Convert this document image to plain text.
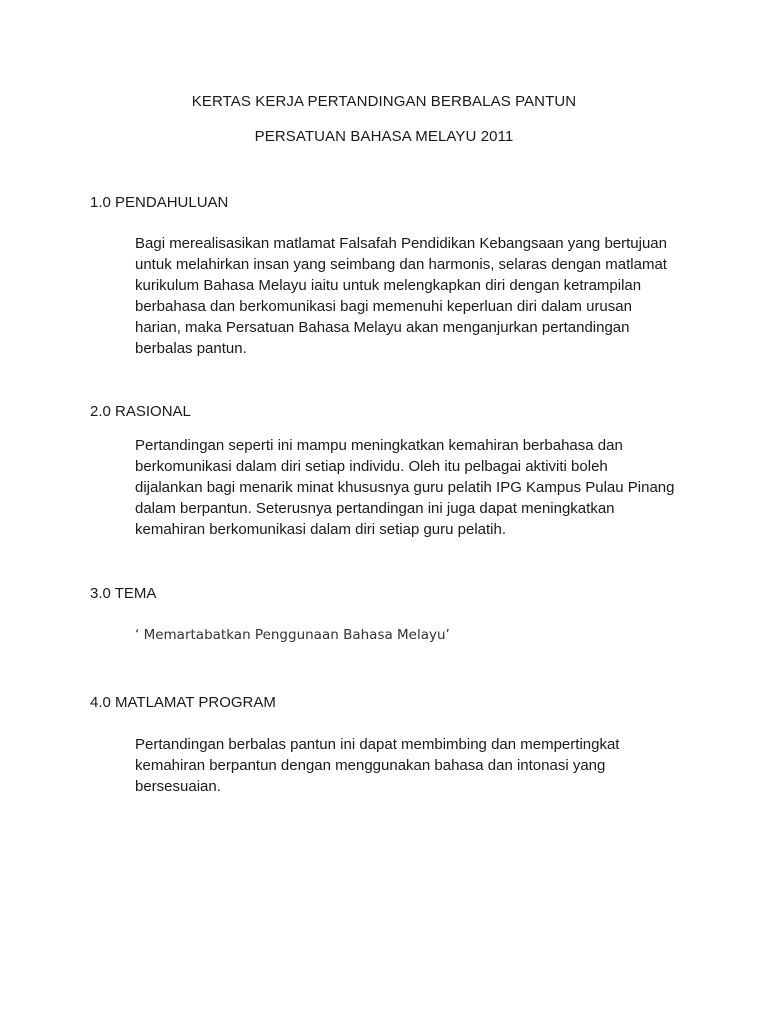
KERTAS KERJA PERTANDINGAN BERBALAS PANTUN
PERSATUAN BAHASA MELAYU 2011
1.0 PENDAHULUAN

Bagi merealisasikan matlamat Falsafah Pendidikan Kebangsaan yang bertujuan
untuk melahirkan insan yang seimbang dan harmonis, selaras dengan matlamat
kurikulum Bahasa Melayu iaitu untuk melengkapkan diri dengan ketrampilan
berbahasa dan berkomunikasi bagi memenuhi keperluan diri dalam urusan
harian, maka Persatuan Bahasa Melayu akan menganjurkan pertandingan
berbalas pantun.

2.0 RASIONAL

Pertandingan seperti ini mampu meningkatkan kemahiran berbahasa dan
berkomunikasi dalam diri setiap individu. Oleh itu pelbagai aktiviti boleh
dijalankan bagi menarik minat khususnya guru pelatih IPG Kampus Pulau Pinang
dalam berpantun. Seterusnya pertandingan ini juga dapat meningkatkan
kemahiran berkomunikasi dalam diri setiap guru pelatih.

3.0 TEMA
‘ Memartabatkan Penggunaan Bahasa Melayu’
4.0 MATLAMAT PROGRAM

Pertandingan berbalas pantun ini dapat membimbing dan mempertingkat
kemahiran berpantun dengan menggunakan bahasa dan intonasi yang
bersesuaian.
